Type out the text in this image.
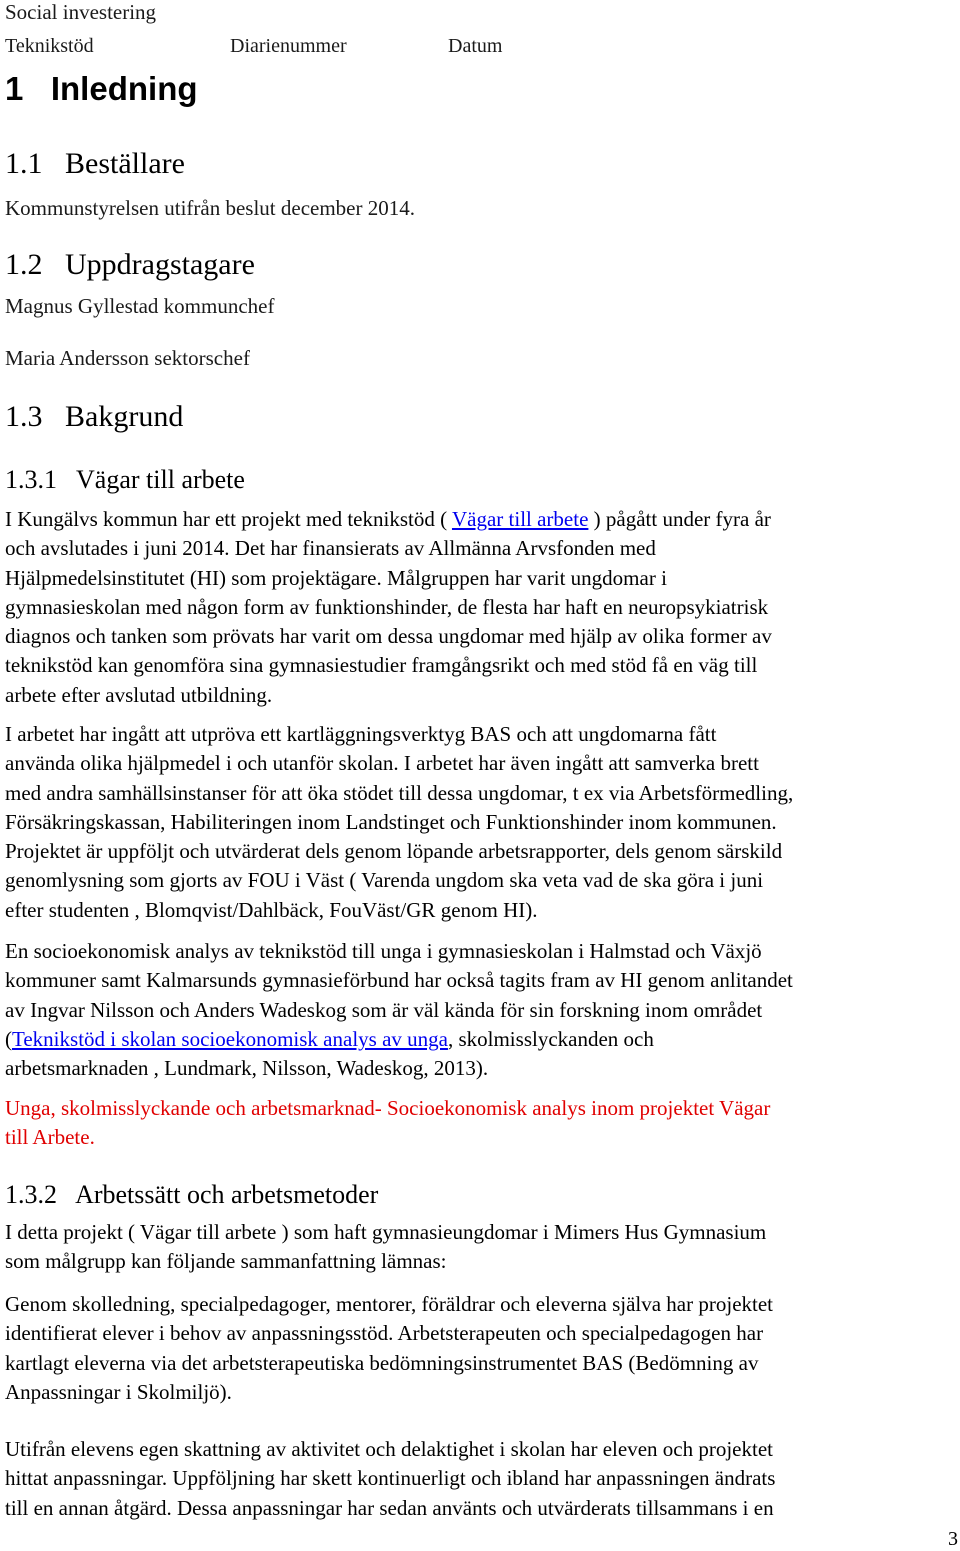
Social investering
Teknikstöd	Diarienummer	Datum
1   Inledning
1.1   Beställare
Kommunstyrelsen utifrån beslut december 2014.
1.2   Uppdragstagare
Magnus Gyllestad kommunchef
Maria Andersson sektorschef
1.3   Bakgrund
1.3.1   Vägar till arbete
I Kungälvs kommun har ett projekt med teknikstöd ( Vägar till arbete ) pågått under fyra år
och avslutades i juni 2014. Det har finansierats av Allmänna Arvsfonden med
Hjälpmedelsinstitutet (HI) som projektägare. Målgruppen har varit ungdomar i
gymnasieskolan med någon form av funktionshinder, de flesta har haft en neuropsykiatrisk
diagnos och tanken som prövats har varit om dessa ungdomar med hjälp av olika former av
teknikstöd kan genomföra sina gymnasiestudier framgångsrikt och med stöd få en väg till
arbete efter avslutad utbildning.
I arbetet har ingått att utpröva ett kartläggningsverktyg BAS och att ungdomarna fått
använda olika hjälpmedel i och utanför skolan. I arbetet har även ingått att samverka brett
med andra samhällsinstanser för att öka stödet till dessa ungdomar, t ex via Arbetsförmedling,
Försäkringskassan, Habiliteringen inom Landstinget och Funktionshinder inom kommunen.
Projektet är uppföljt och utvärderat dels genom löpande arbetsrapporter, dels genom särskild
genomlysning som gjorts av FOU i Väst ( Varenda ungdom ska veta vad de ska göra i juni
efter studenten , Blomqvist/Dahlbäck, FouVäst/GR genom HI).
En socioekonomisk analys av teknikstöd till unga i gymnasieskolan i Halmstad och Växjö
kommuner samt Kalmarsunds gymnasieförbund har också tagits fram av HI genom anlitandet
av Ingvar Nilsson och Anders Wadeskog som är väl kända för sin forskning inom området
(Teknikstöd i skolan socioekonomisk analys av unga, skolmisslyckanden och
arbetsmarknaden , Lundmark, Nilsson, Wadeskog, 2013).
Unga, skolmisslyckande och arbetsmarknad- Socioekonomisk analys inom projektet Vägar
till Arbete.
1.3.2   Arbetssätt och arbetsmetoder
I detta projekt ( Vägar till arbete ) som haft gymnasieungdomar i Mimers Hus Gymnasium
som målgrupp kan följande sammanfattning lämnas:
Genom skolledning, specialpedagoger, mentorer, föräldrar och eleverna själva har projektet
identifierat elever i behov av anpassningsstöd. Arbetsterapeuten och specialpedagogen har
kartlagt eleverna via det arbetsterapeutiska bedömningsinstrumentet BAS (Bedömning av
Anpassningar i Skolmiljö).
Utifrån elevens egen skattning av aktivitet och delaktighet i skolan har eleven och projektet
hittat anpassningar. Uppföljning har skett kontinuerligt och ibland har anpassningen ändrats
till en annan åtgärd. Dessa anpassningar har sedan använts och utvärderats tillsammans i en
3
